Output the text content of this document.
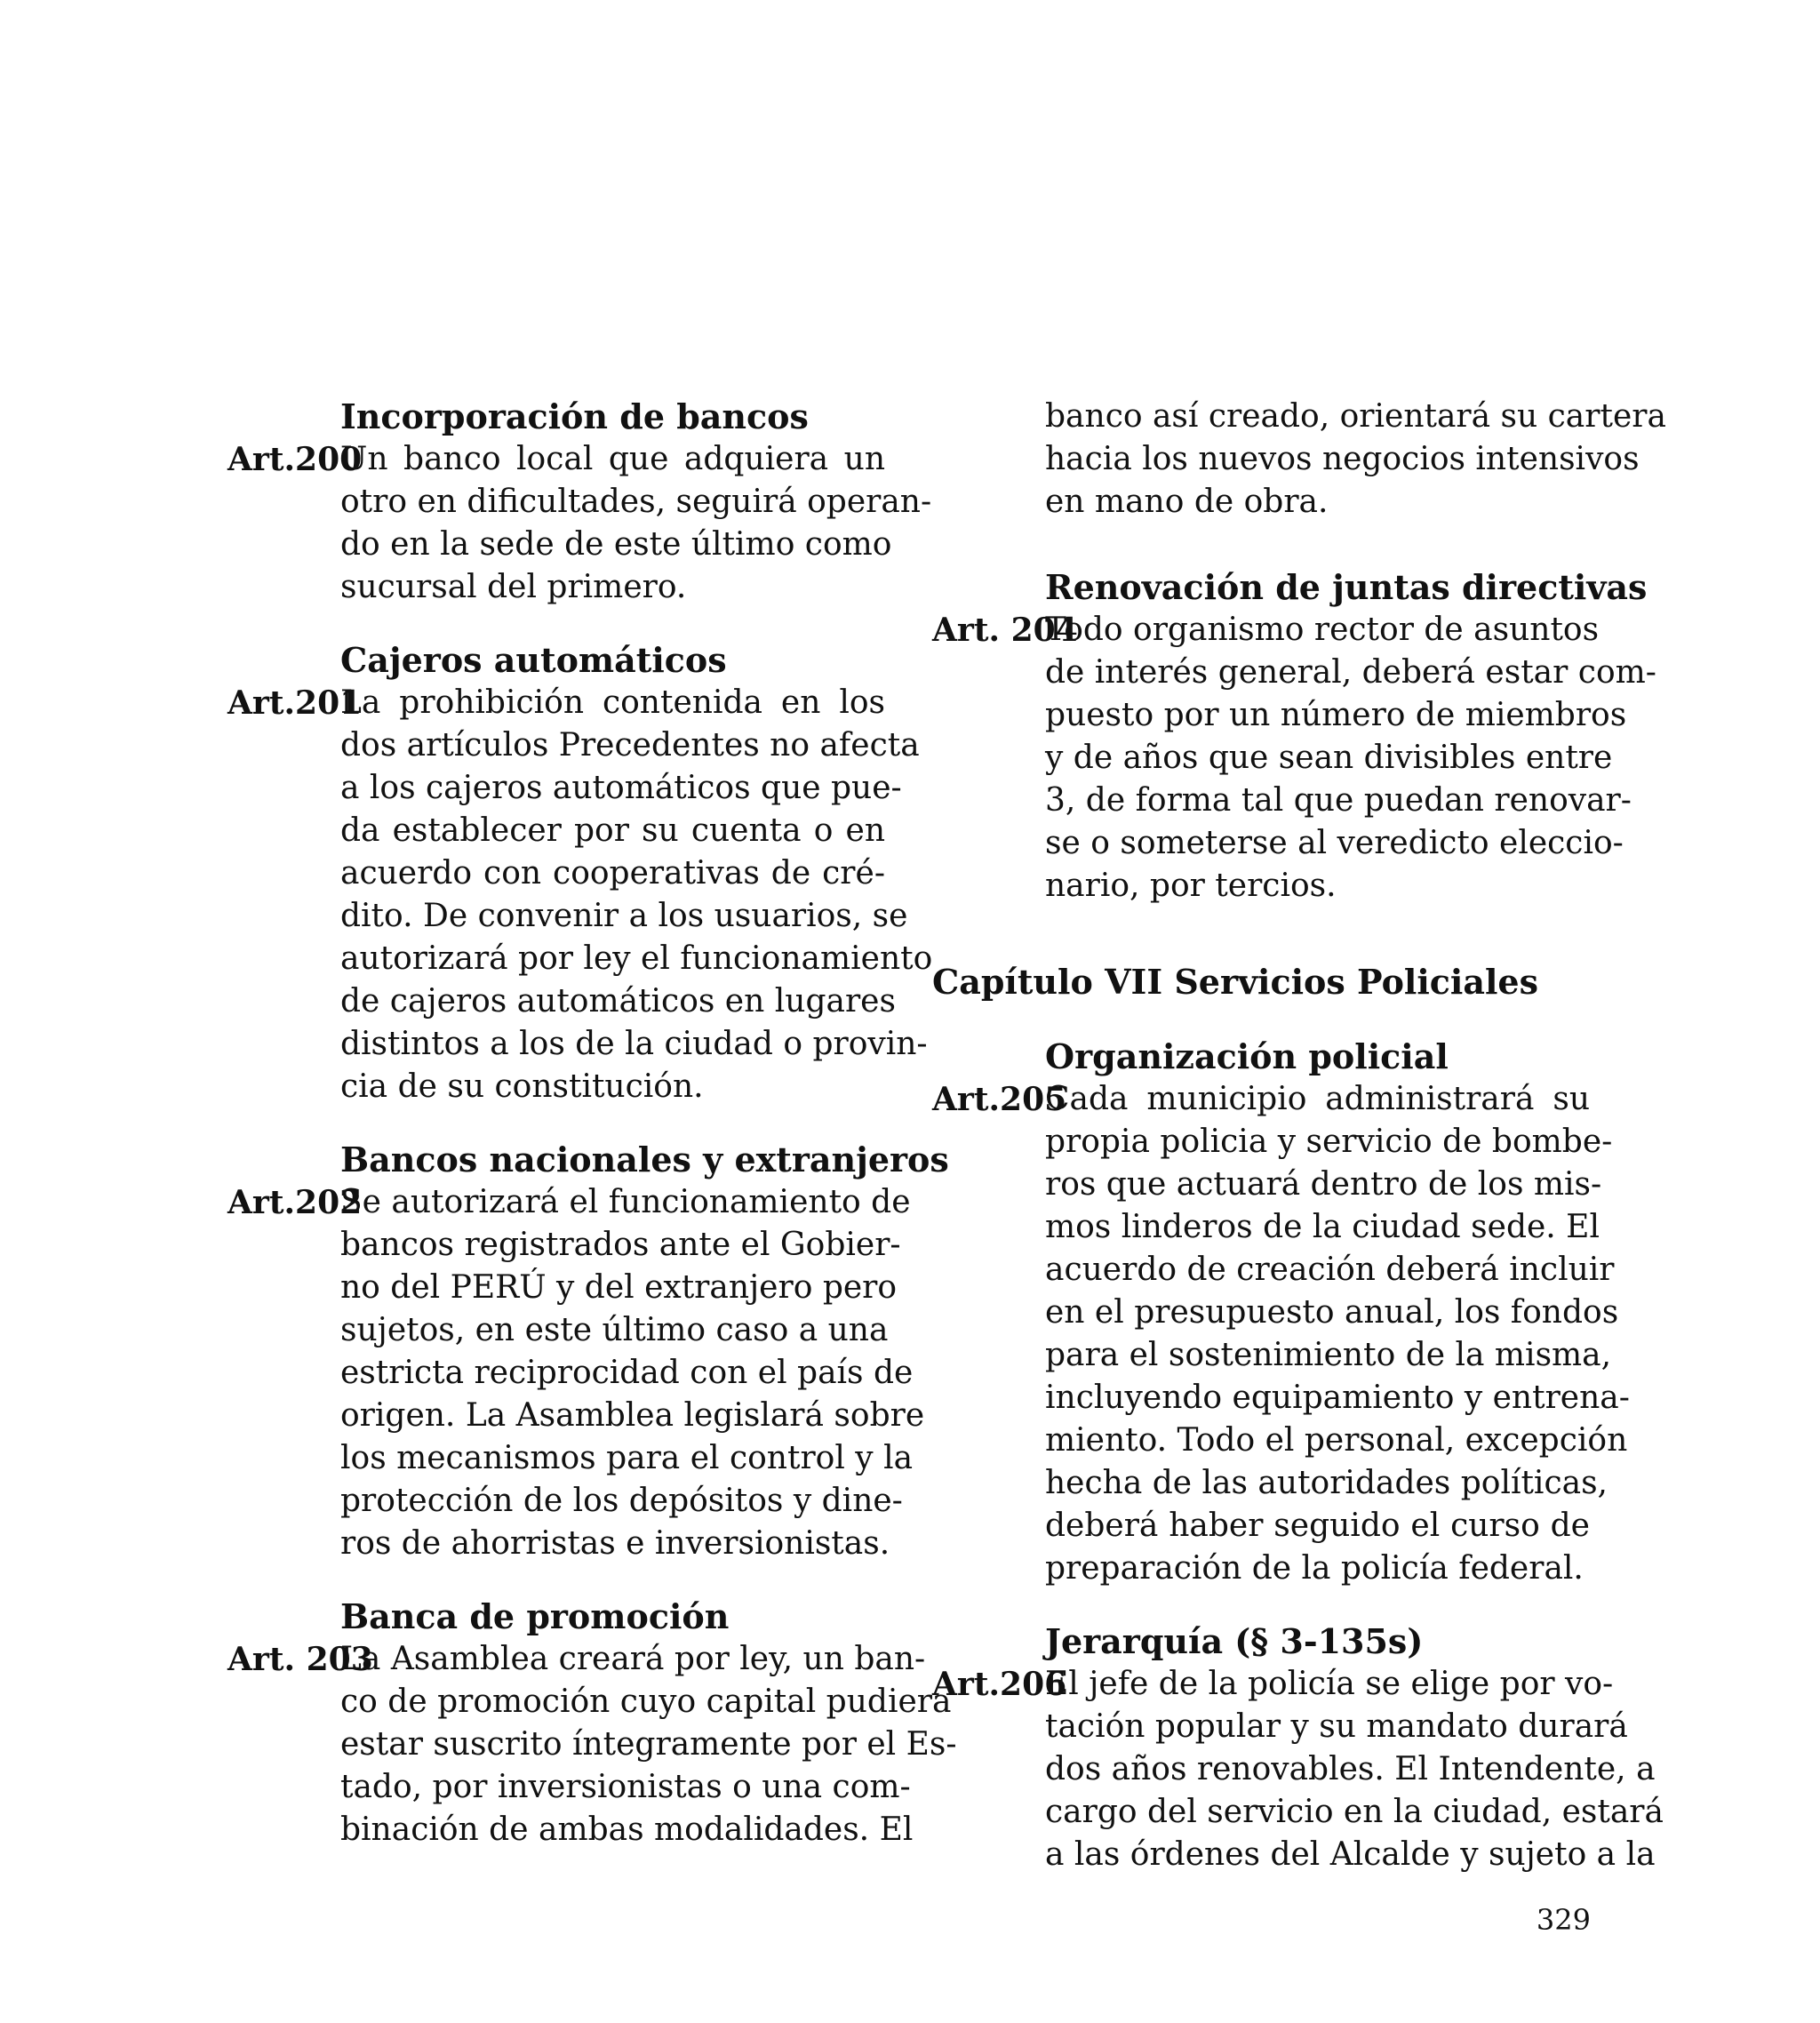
Incorporación de bancos
Art.200
Un banco local que adquiera un
otro en dificultades, seguirá operan-
do en la sede de este último como
sucursal del primero.
Cajeros automáticos
Art.201
La prohibición contenida en los
dos artículos Precedentes no afecta
a los cajeros automáticos que pue-
da establecer por su cuenta o en
acuerdo con cooperativas de cré-
dito. De convenir a los usuarios, se
autorizará por ley el funcionamiento
de cajeros automáticos en lugares
distintos a los de la ciudad o provin-
cia de su constitución.
Bancos nacionales y extranjeros
Art.202
Se autorizará el funcionamiento de
bancos registrados ante el Gobier-
no del PERÚ y del extranjero pero
sujetos, en este último caso a una
estricta reciprocidad con el país de
origen. La Asamblea legislará sobre
los mecanismos para el control y la
protección de los depósitos y dine-
ros de ahorristas e inversionistas.
Banca de promoción
Art. 203
La Asamblea creará por ley, un ban-
co de promoción cuyo capital pudiera
estar suscrito íntegramente por el Es-
tado, por inversionistas o una com-
binación de ambas modalidades. El
banco así creado, orientará su cartera
hacia los nuevos negocios intensivos
en mano de obra.
Renovación de juntas directivas
Art. 204
Todo organismo rector de asuntos
de interés general, deberá estar com-
puesto por un número de miembros
y de años que sean divisibles entre
3, de forma tal que puedan renovar-
se o someterse al veredicto eleccio-
nario, por tercios.
Capítulo VII Servicios Policiales
Organización policial
Art.205
Cada municipio administrará su
propia policia y servicio de bombe-
ros que actuará dentro de los mis-
mos linderos de la ciudad sede. El
acuerdo de creación deberá incluir
en el presupuesto anual, los fondos
para el sostenimiento de la misma,
incluyendo equipamiento y entrena-
miento. Todo el personal, excepción
hecha de las autoridades políticas,
deberá haber seguido el curso de
preparación de la policía federal.
Jerarquía (§ 3-135s)
Art.206
El jefe de la policía se elige por vo-
tación popular y su mandato durará
dos años renovables. El Intendente, a
cargo del servicio en la ciudad, estará
a las órdenes del Alcalde y sujeto a la
329
